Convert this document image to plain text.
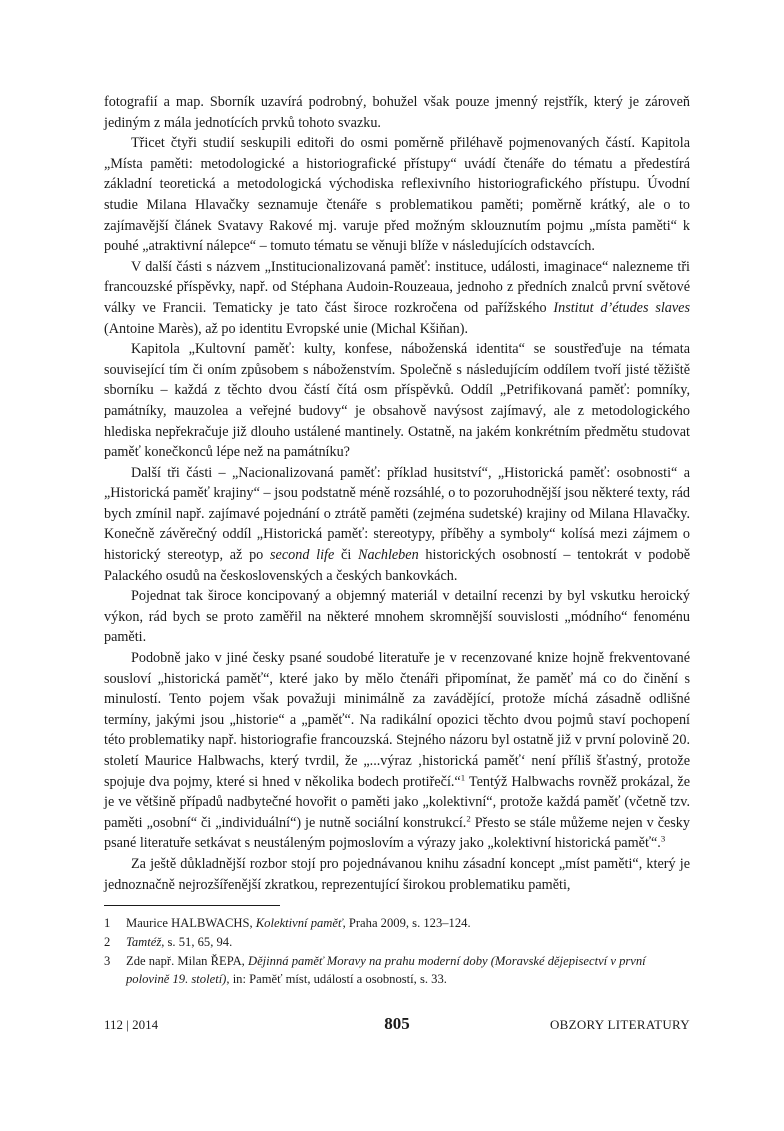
fotografií a map. Sborník uzavírá podrobný, bohužel však pouze jmenný rejstřík, který je zároveň jediným z mála jednotících prvků tohoto svazku.

Třicet čtyři studií seskupili editoři do osmi poměrně přiléhavě pojmenovaných částí. Kapitola „Místa paměti: metodologické a historiografické přístupy“ uvádí čtenáře do tématu a předestírá základní teoretická a metodologická východiska reflexivního historiografického přístupu. Úvodní studie Milana Hlavačky seznamuje čtenáře s problematikou paměti; poměrně krátký, ale o to zajímavější článek Svatavy Rakové mj. varuje před možným sklouznutím pojmu „místa paměti“ k pouhé „atraktivní nálepce“ – tomuto tématu se věnuji blíže v následujících odstavcích.

V další části s názvem „Institucionalizovaná paměť: instituce, události, imaginace“ nalezneme tři francouzské příspěvky, např. od Stéphana Audoin-Rouzeaua, jednoho z předních znalců první světové války ve Francii. Tematicky je tato část široce rozkročena od pařížského Institut d’études slaves (Antoine Marès), až po identitu Evropské unie (Michal Kšiňan).

Kapitola „Kultovní paměť: kulty, konfese, náboženská identita“ se soustřeďuje na témata související tím či oním způsobem s náboženstvím. Společně s následujícím oddílem tvoří jisté těžiště sborníku – každá z těchto dvou částí čítá osm příspěvků. Oddíl „Petrifikovaná paměť: pomníky, památníky, mauzolea a veřejné budovy“ je obsahově navýsost zajímavý, ale z metodologického hlediska nepřekračuje již dlouho ustálené mantinely. Ostatně, na jakém konkrétním předmětu studovat paměť konečkonců lépe než na památníku?

Další tři části – „Nacionalizovaná paměť: příklad husitství“, „Historická paměť: osobnosti“ a „Historická paměť krajiny“ – jsou podstatně méně rozsáhlé, o to pozoruhodnější jsou některé texty, rád bych zmínil např. zajímavé pojednání o ztrátě paměti (zejména sudetské) krajiny od Milana Hlavačky. Konečně závěrečný oddíl „Historická paměť: stereotypy, příběhy a symboly“ kolísá mezi zájmem o historický stereotyp, až po second life či Nachleben historických osobností – tentokrát v podobě Palackého osudů na československých a českých bankovkách.

Pojednat tak široce koncipovaný a objemný materiál v detailní recenzi by byl vskutku heroický výkon, rád bych se proto zaměřil na některé mnohem skromnější souvislosti „módního“ fenoménu paměti.

Podobně jako v jiné česky psané soudobé literatuře je v recenzované knize hojně frekventované sousloví „historická paměť“, které jako by mělo čtenáři připomínat, že paměť má co do činění s minulostí. Tento pojem však považuji minimálně za zavádějící, protože míchá zásadně odlišné termíny, jakými jsou „historie“ a „paměť“. Na radikální opozici těchto dvou pojmů staví pochopení této problematiky např. historiografie francouzská. Stejného názoru byl ostatně již v první polovině 20. století Maurice Halbwachs, který tvrdil, že „...výraz ‚historická paměť‘ není příliš šťastný, protože spojuje dva pojmy, které si hned v několika bodech protiřečí.“$^1$ Tentýž Halbwachs rovněž prokázal, že je ve většině případů nadbytečné hovořit o paměti jako „kolektivní“, protože každá paměť (včetně tzv. paměti „osobní“ či „individuální“) je nutně sociální konstrukcí.$^2$ Přesto se stále můžeme nejen v česky psané literatuře setkávat s neustáleným pojmoslovím a výrazy jako „kolektivní historická paměť“.$^3$

Za ještě důkladnější rozbor stojí pro pojednávanou knihu zásadní koncept „míst paměti“, který je jednoznačně nejrozšířenější zkratkou, reprezentující širokou problematiku paměti,

1	Maurice HALBWACHS, Kolektivní paměť, Praha 2009, s. 123–124.
2	Tamtéž, s. 51, 65, 94.
3	Zde např. Milan ŘEPA, Dějinná paměť Moravy na prahu moderní doby (Moravské dějepisectví v první polovině 19. století), in: Paměť míst, událostí a osobností, s. 33.
112 | 2014	805	OBZORY LITERATURY
